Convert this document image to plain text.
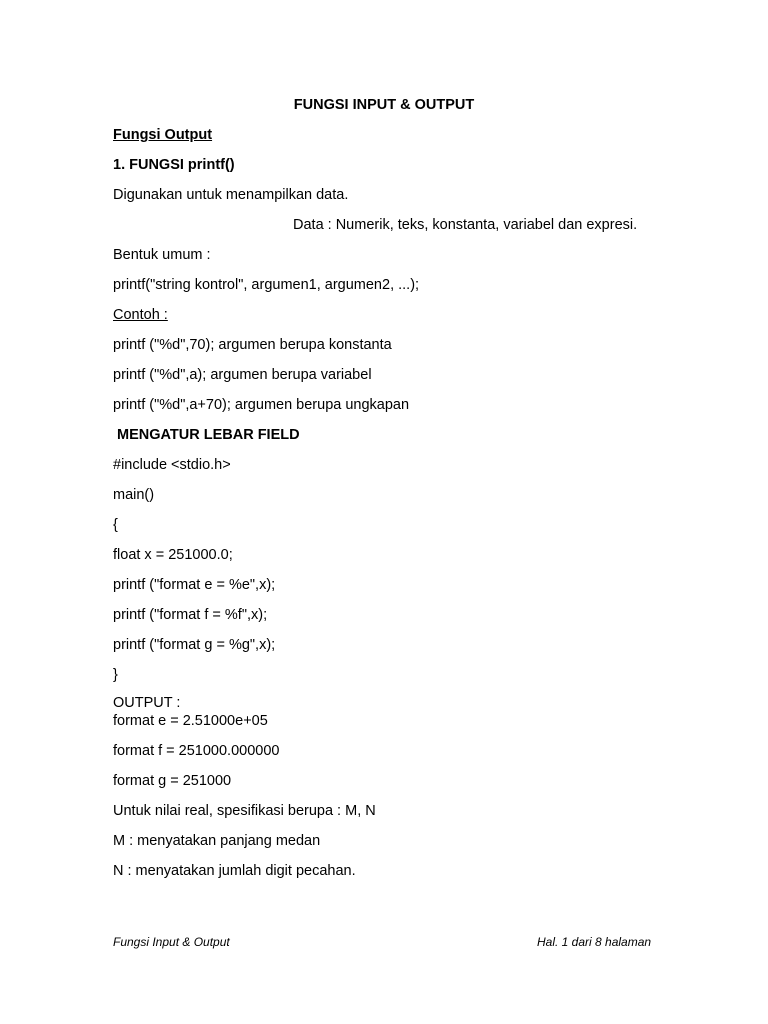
FUNGSI INPUT & OUTPUT
Fungsi Output
1. FUNGSI printf()
Digunakan untuk menampilkan data.
Data : Numerik, teks, konstanta, variabel dan expresi.
Bentuk umum :
printf("string kontrol", argumen1, argumen2, ...);
Contoh :
printf ("%d",70); argumen berupa konstanta
printf ("%d",a); argumen berupa variabel
printf ("%d",a+70); argumen berupa ungkapan
MENGATUR LEBAR FIELD
#include <stdio.h>
main()
{
float x = 251000.0;
printf ("format e = %e",x);
printf ("format f = %f",x);
printf ("format g = %g",x);
}
OUTPUT :
format e = 2.51000e+05
format f = 251000.000000
format g = 251000
Untuk nilai real, spesifikasi berupa : M, N
M : menyatakan panjang medan
N : menyatakan jumlah digit pecahan.
Fungsi Input & Output	Hal. 1 dari 8 halaman
